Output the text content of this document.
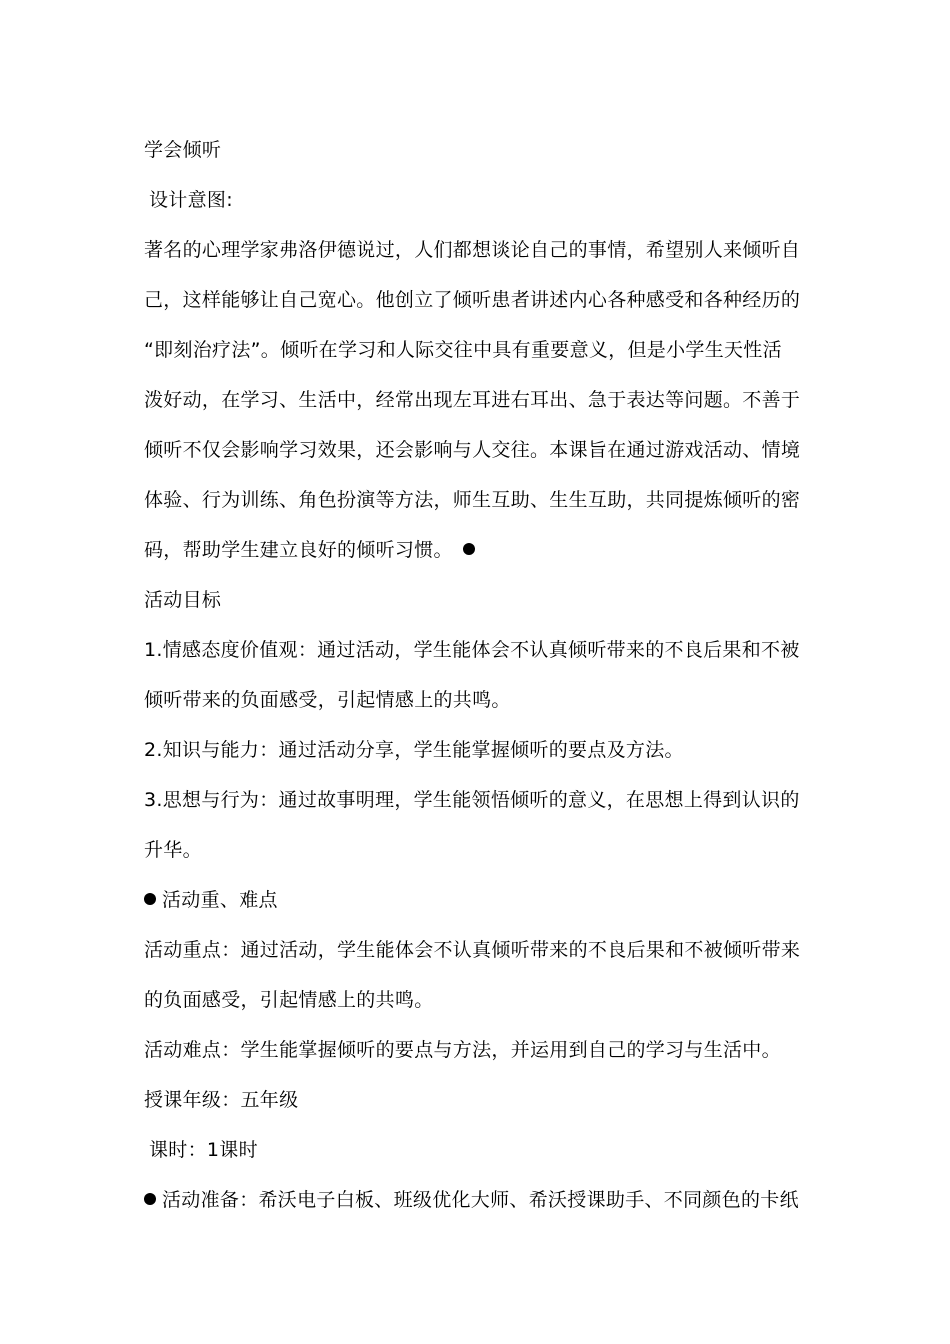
学会倾听
设计意图:
著名的心理学家弗洛伊德说过，人们都想谈论自己的事情，希望别人来倾听自
己，这样能够让自己宽心。他创立了倾听患者讲述内心各种感受和各种经历的
“即刻治疗法”。倾听在学习和人际交往中具有重要意义，但是小学生天性活
泼好动，在学习、生活中，经常出现左耳进右耳出、急于表达等问题。不善于
倾听不仅会影响学习效果，还会影响与人交往。本课旨在通过游戏活动、情境
体验、行为训练、角色扮演等方法，师生互助、生生互助，共同提炼倾听的密
码，帮助学生建立良好的倾听习惯。
活动目标
1.情感态度价值观：通过活动，学生能体会不认真倾听带来的不良后果和不被
倾听带来的负面感受，引起情感上的共鸣。
2.知识与能力：通过活动分享，学生能掌握倾听的要点及方法。
3.思想与行为：通过故事明理，学生能领悟倾听的意义，在思想上得到认识的
升华。
活动重、难点
活动重点：通过活动，学生能体会不认真倾听带来的不良后果和不被倾听带来
的负面感受，引起情感上的共鸣。
活动难点：学生能掌握倾听的要点与方法，并运用到自己的学习与生活中。
授课年级：五年级
课时：1课时
活动准备：希沃电子白板、班级优化大师、希沃授课助手、不同颜色的卡纸
